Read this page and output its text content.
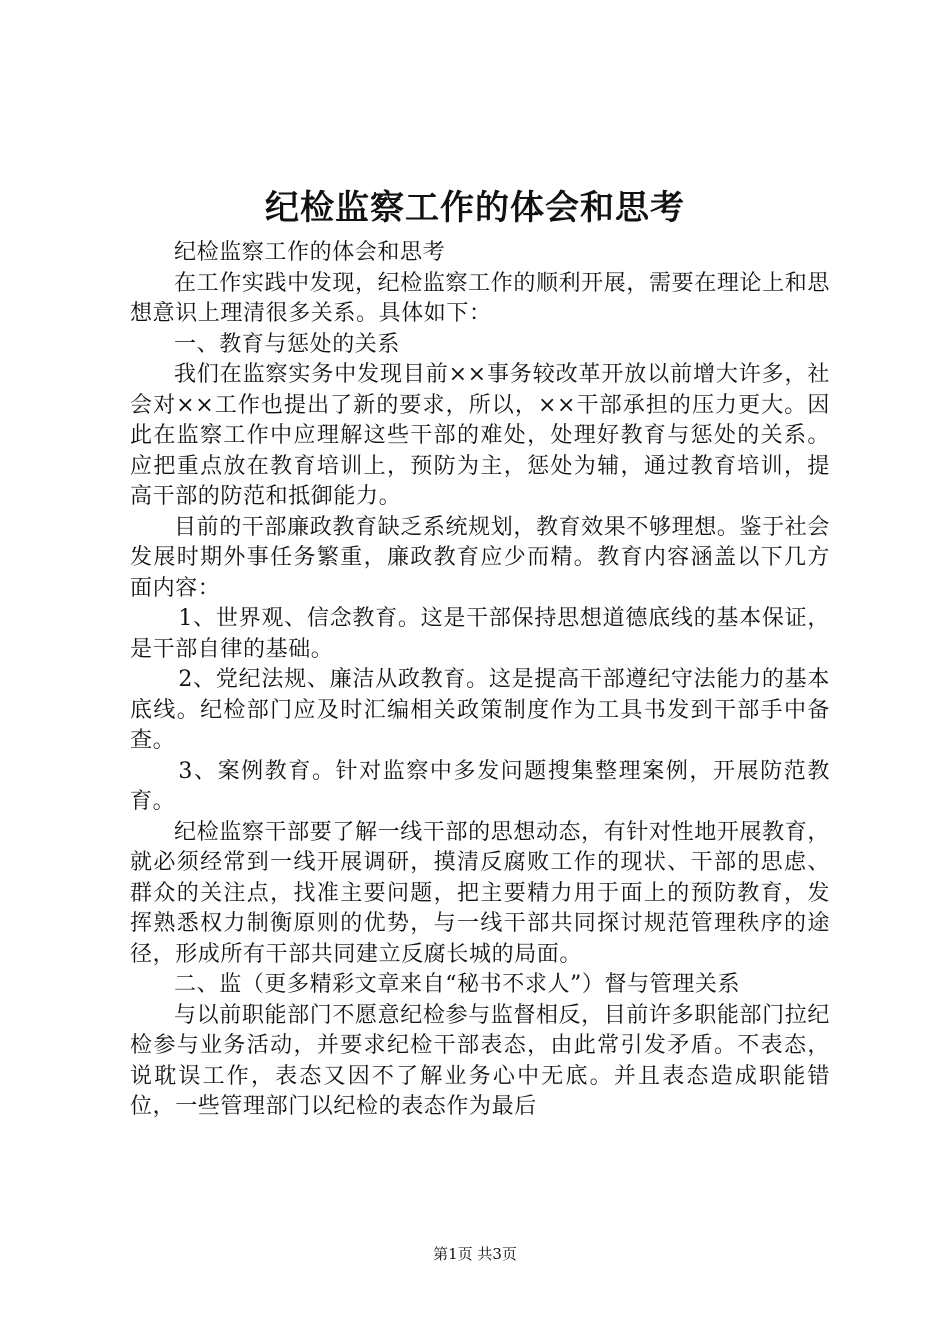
纪检监察工作的体会和思考

纪检监察工作的体会和思考

在工作实践中发现，纪检监察工作的顺利开展，需要在理论上和思想意识上理清很多关系。具体如下：

一、教育与惩处的关系

我们在监察实务中发现目前××事务较改革开放以前增大许多，社会对××工作也提出了新的要求，所以，××干部承担的压力更大。因此在监察工作中应理解这些干部的难处，处理好教育与惩处的关系。应把重点放在教育培训上，预防为主，惩处为辅，通过教育培训，提高干部的防范和抵御能力。

目前的干部廉政教育缺乏系统规划，教育效果不够理想。鉴于社会发展时期外事任务繁重，廉政教育应少而精。教育内容涵盖以下几方面内容：

1、世界观、信念教育。这是干部保持思想道德底线的基本保证，是干部自律的基础。

2、党纪法规、廉洁从政教育。这是提高干部遵纪守法能力的基本底线。纪检部门应及时汇编相关政策制度作为工具书发到干部手中备查。

3、案例教育。针对监察中多发问题搜集整理案例，开展防范教育。

纪检监察干部要了解一线干部的思想动态，有针对性地开展教育，就必须经常到一线开展调研，摸清反腐败工作的现状、干部的思虑、群众的关注点，找准主要问题，把主要精力用于面上的预防教育，发挥熟悉权力制衡原则的优势，与一线干部共同探讨规范管理秩序的途径，形成所有干部共同建立反腐长城的局面。

二、监（更多精彩文章来自“秘书不求人”）督与管理关系

与以前职能部门不愿意纪检参与监督相反，目前许多职能部门拉纪检参与业务活动，并要求纪检干部表态，由此常引发矛盾。不表态，说耽误工作，表态又因不了解业务心中无底。并且表态造成职能错位，一些管理部门以纪检的表态作为最后

第1页 共3页
